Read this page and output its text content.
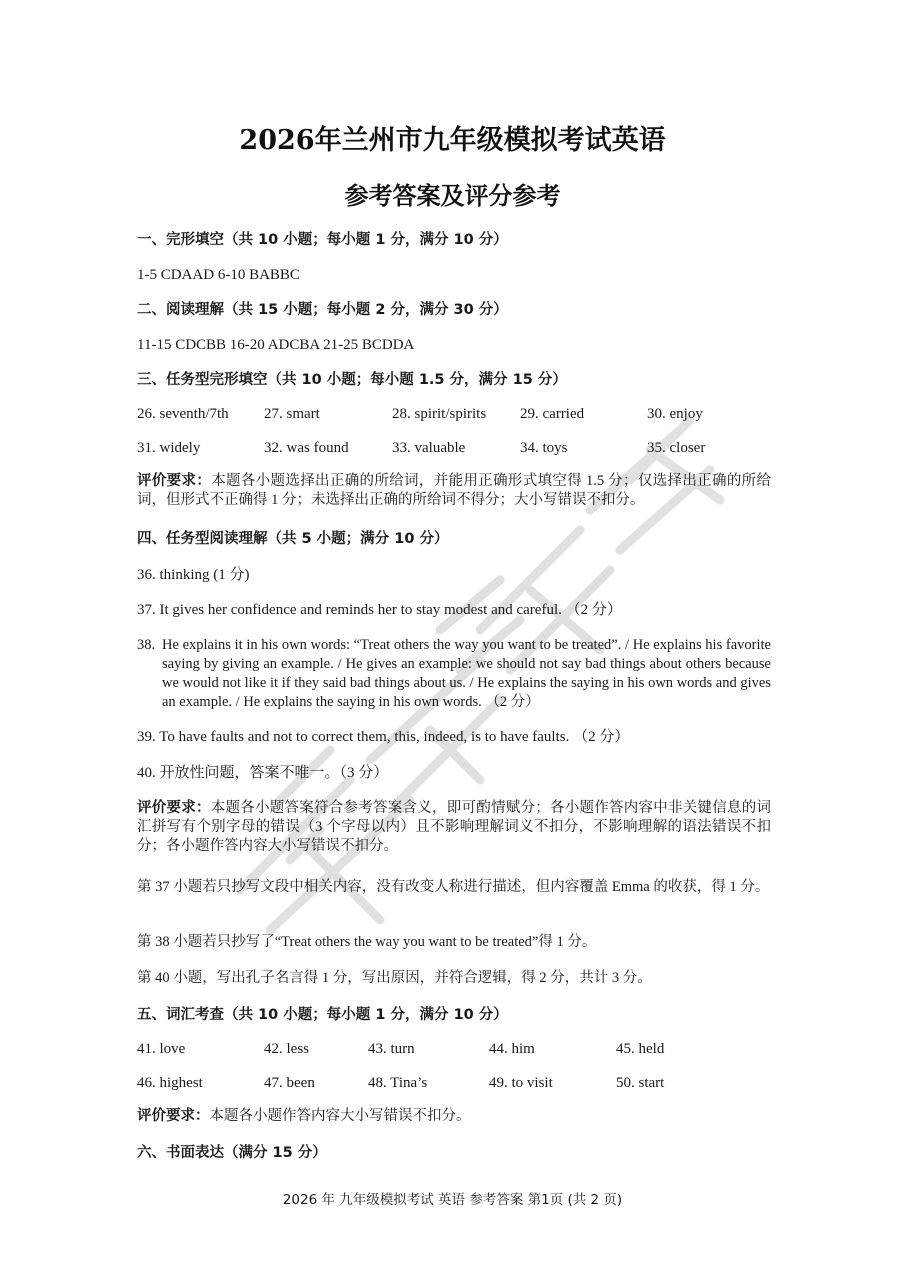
2026年兰州市九年级模拟考试英语
参考答案及评分参考
一、完形填空（共 10 小题；每小题 1 分，满分 10 分）
1-5 CDAAD 6-10 BABBC
二、阅读理解（共 15 小题；每小题 2 分，满分 30 分）
11-15 CDCBB 16-20 ADCBA 21-25 BCDDA
三、任务型完形填空（共 10 小题；每小题 1.5 分，满分 15 分）
26. seventh/7th 27. smart	28. spirit/spirits 29. carried	30. enjoy
31. widely	32. was found	33. valuable	34. toys	35. closer
评价要求：本题各小题选择出正确的所给词，并能用正确形式填空得 1.5 分；仅选择出正确的所给词，但形式不正确得 1 分；未选择出正确的所给词不得分；大小写错误不扣分。
四、任务型阅读理解（共 5 小题；满分 10 分）
36. thinking (1 分)
37. It gives her confidence and reminds her to stay modest and careful. （2 分）
38. He explains it in his own words: “Treat others the way you want to be treated”. / He explains his favorite saying by giving an example. / He gives an example: we should not say bad things about others because we would not like it if they said bad things about us. / He explains the saying in his own words and gives an example. / He explains the saying in his own words. （2 分）
39. To have faults and not to correct them, this, indeed, is to have faults. （2 分）
40. 开放性问题，答案不唯一。（3 分）
评价要求：本题各小题答案符合参考答案含义，即可酌情赋分；各小题作答内容中非关键信息的词汇拼写有个别字母的错误（3 个字母以内）且不影响理解词义不扣分，不影响理解的语法错误不扣分；各小题作答内容大小写错误不扣分。
第 37 小题若只抄写文段中相关内容，没有改变人称进行描述，但内容覆盖 Emma 的收获，得 1 分。
第 38 小题若只抄写了“Treat others the way you want to be treated”得 1 分。
第 40 小题，写出孔子名言得 1 分，写出原因，并符合逻辑，得 2 分，共计 3 分。
五、词汇考查（共 10 小题；每小题 1 分，满分 10 分）
41. love	42. less	43. turn	44. him	45. held
46. highest	47. been	48. Tina’s	49. to visit	50. start
评价要求：本题各小题作答内容大小写错误不扣分。
六、书面表达（满分 15 分）
2026 年 九年级模拟考试 英语 参考答案 第1页 (共 2 页)
